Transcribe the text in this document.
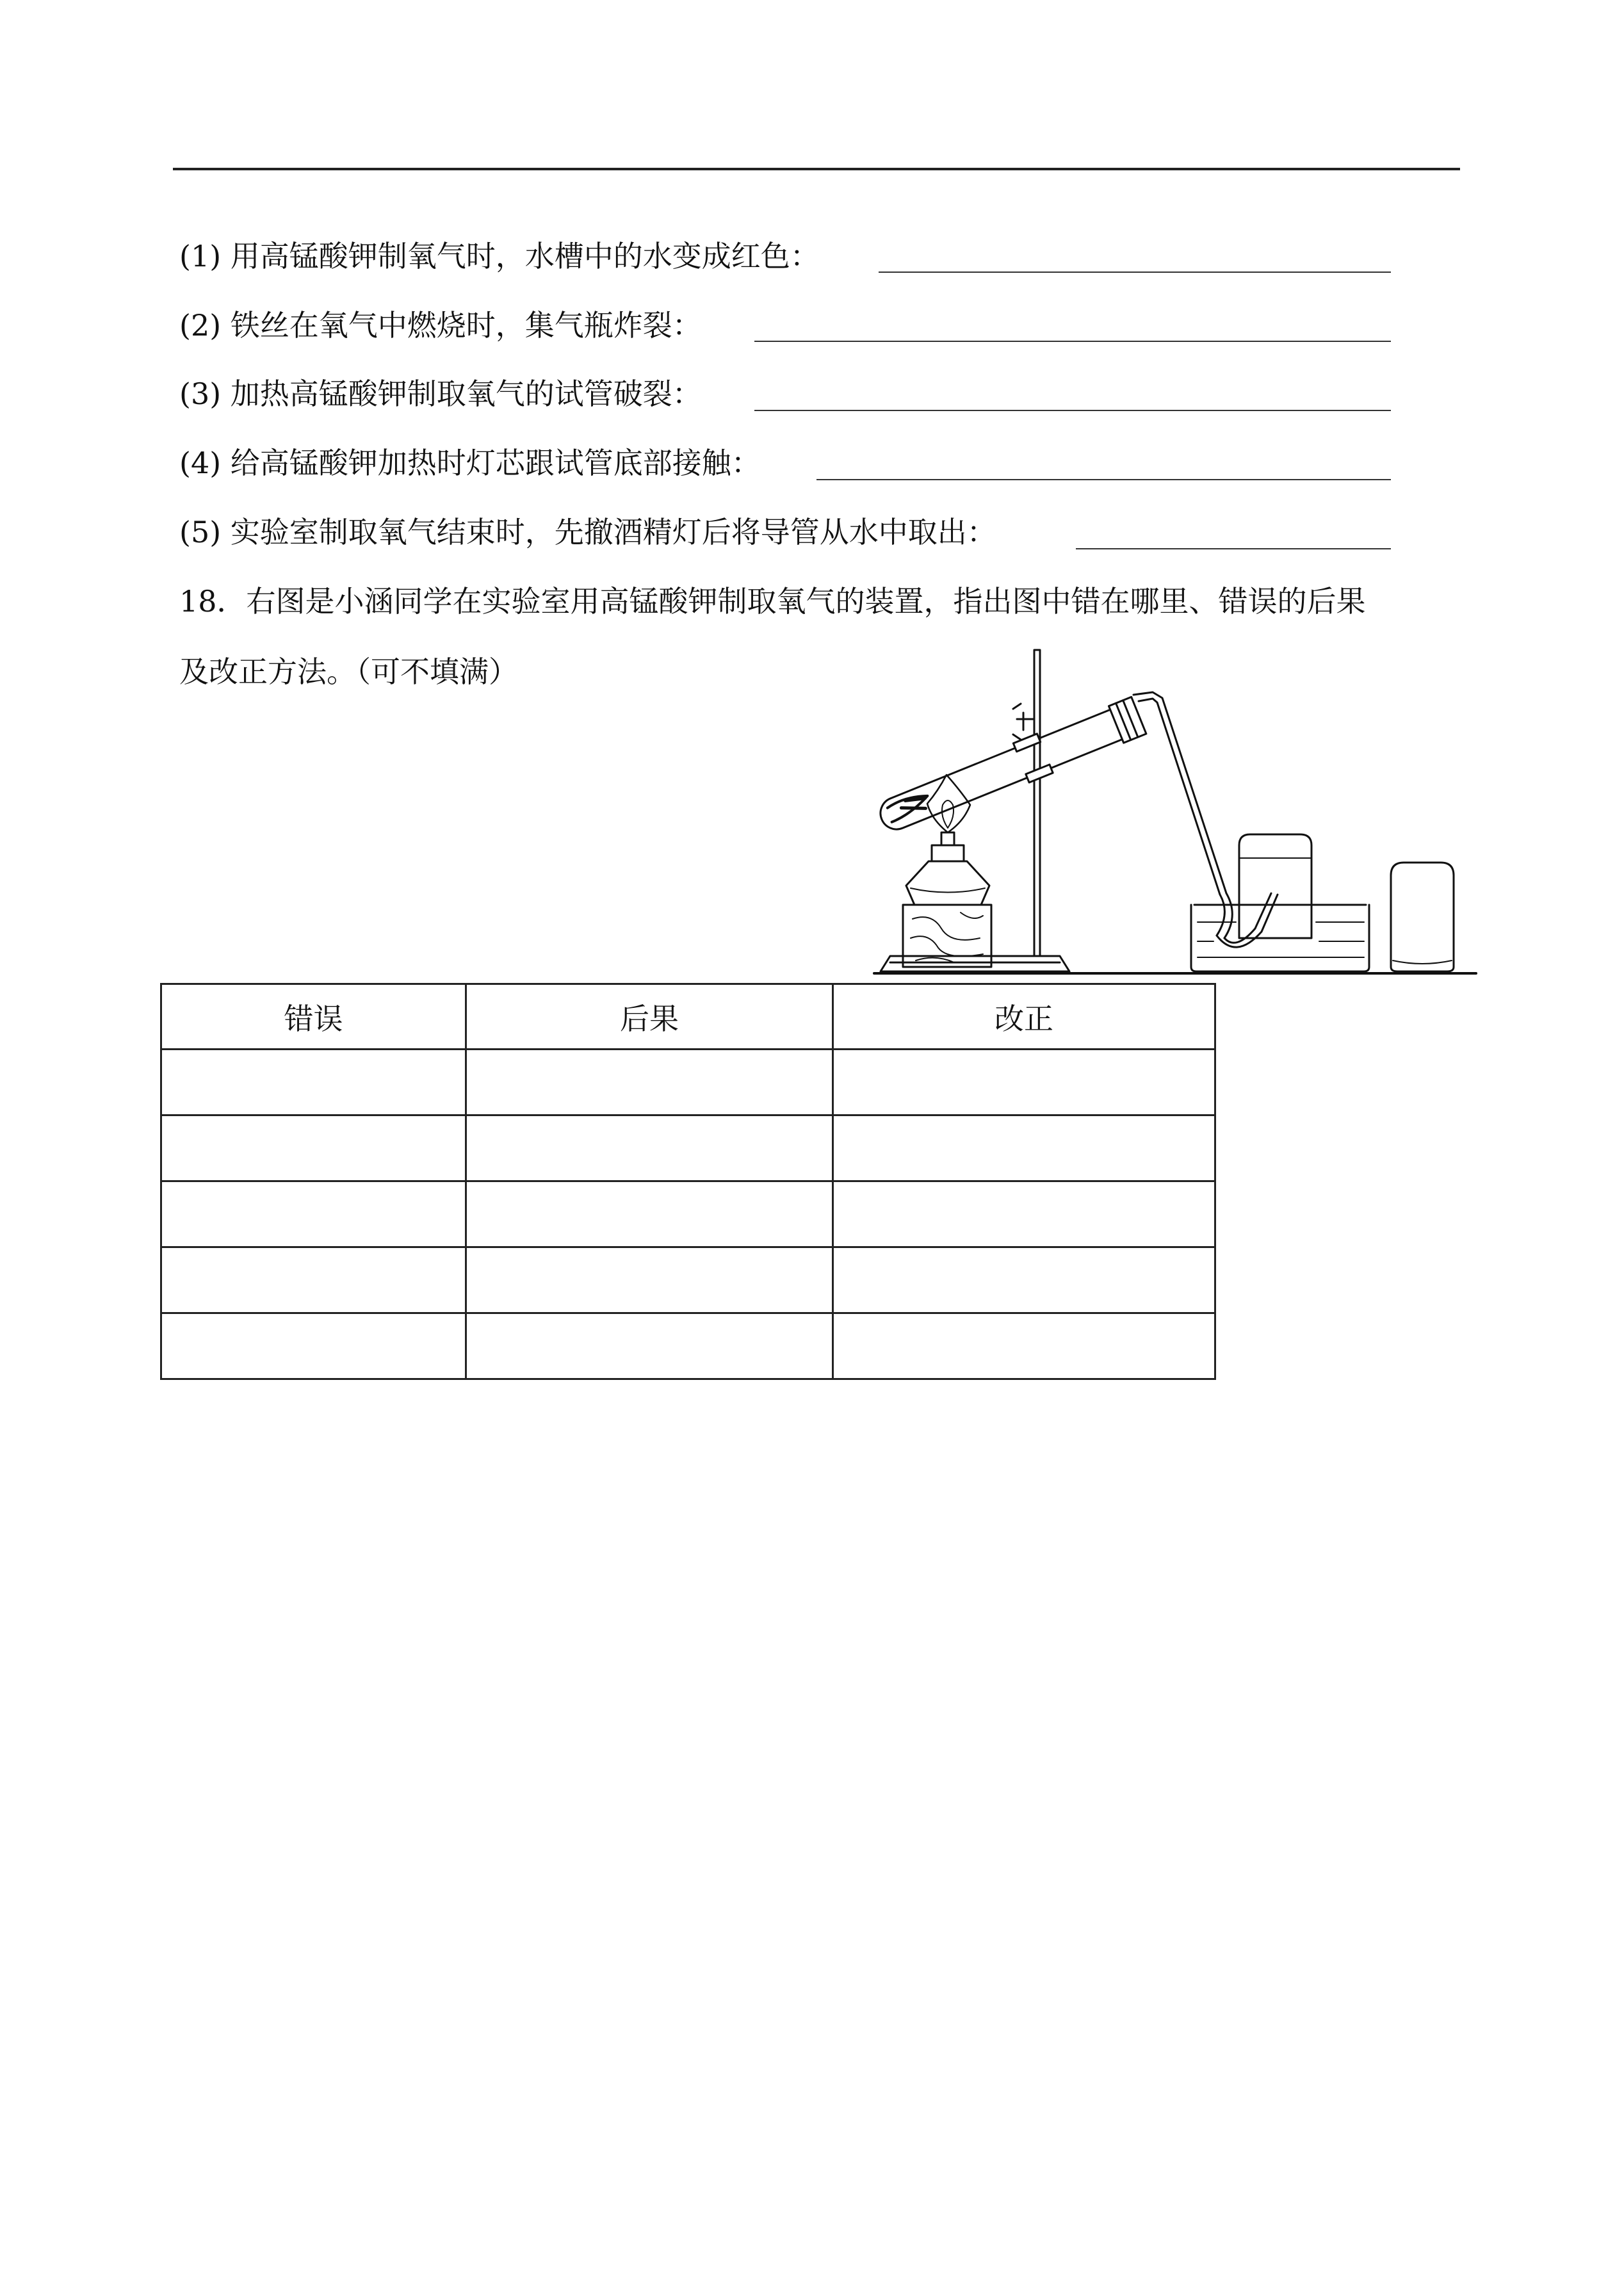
(1) 用高锰酸钾制氧气时，水槽中的水变成红色：
(2) 铁丝在氧气中燃烧时，集气瓶炸裂：
(3) 加热高锰酸钾制取氧气的试管破裂：
(4) 给高锰酸钾加热时灯芯跟试管底部接触：
(5) 实验室制取氧气结束时，先撤酒精灯后将导管从水中取出：
18．右图是小涵同学在实验室用高锰酸钾制取氧气的装置，指出图中错在哪里、错误的后果
及改正方法。（可不填满）
错误	后果	改正
